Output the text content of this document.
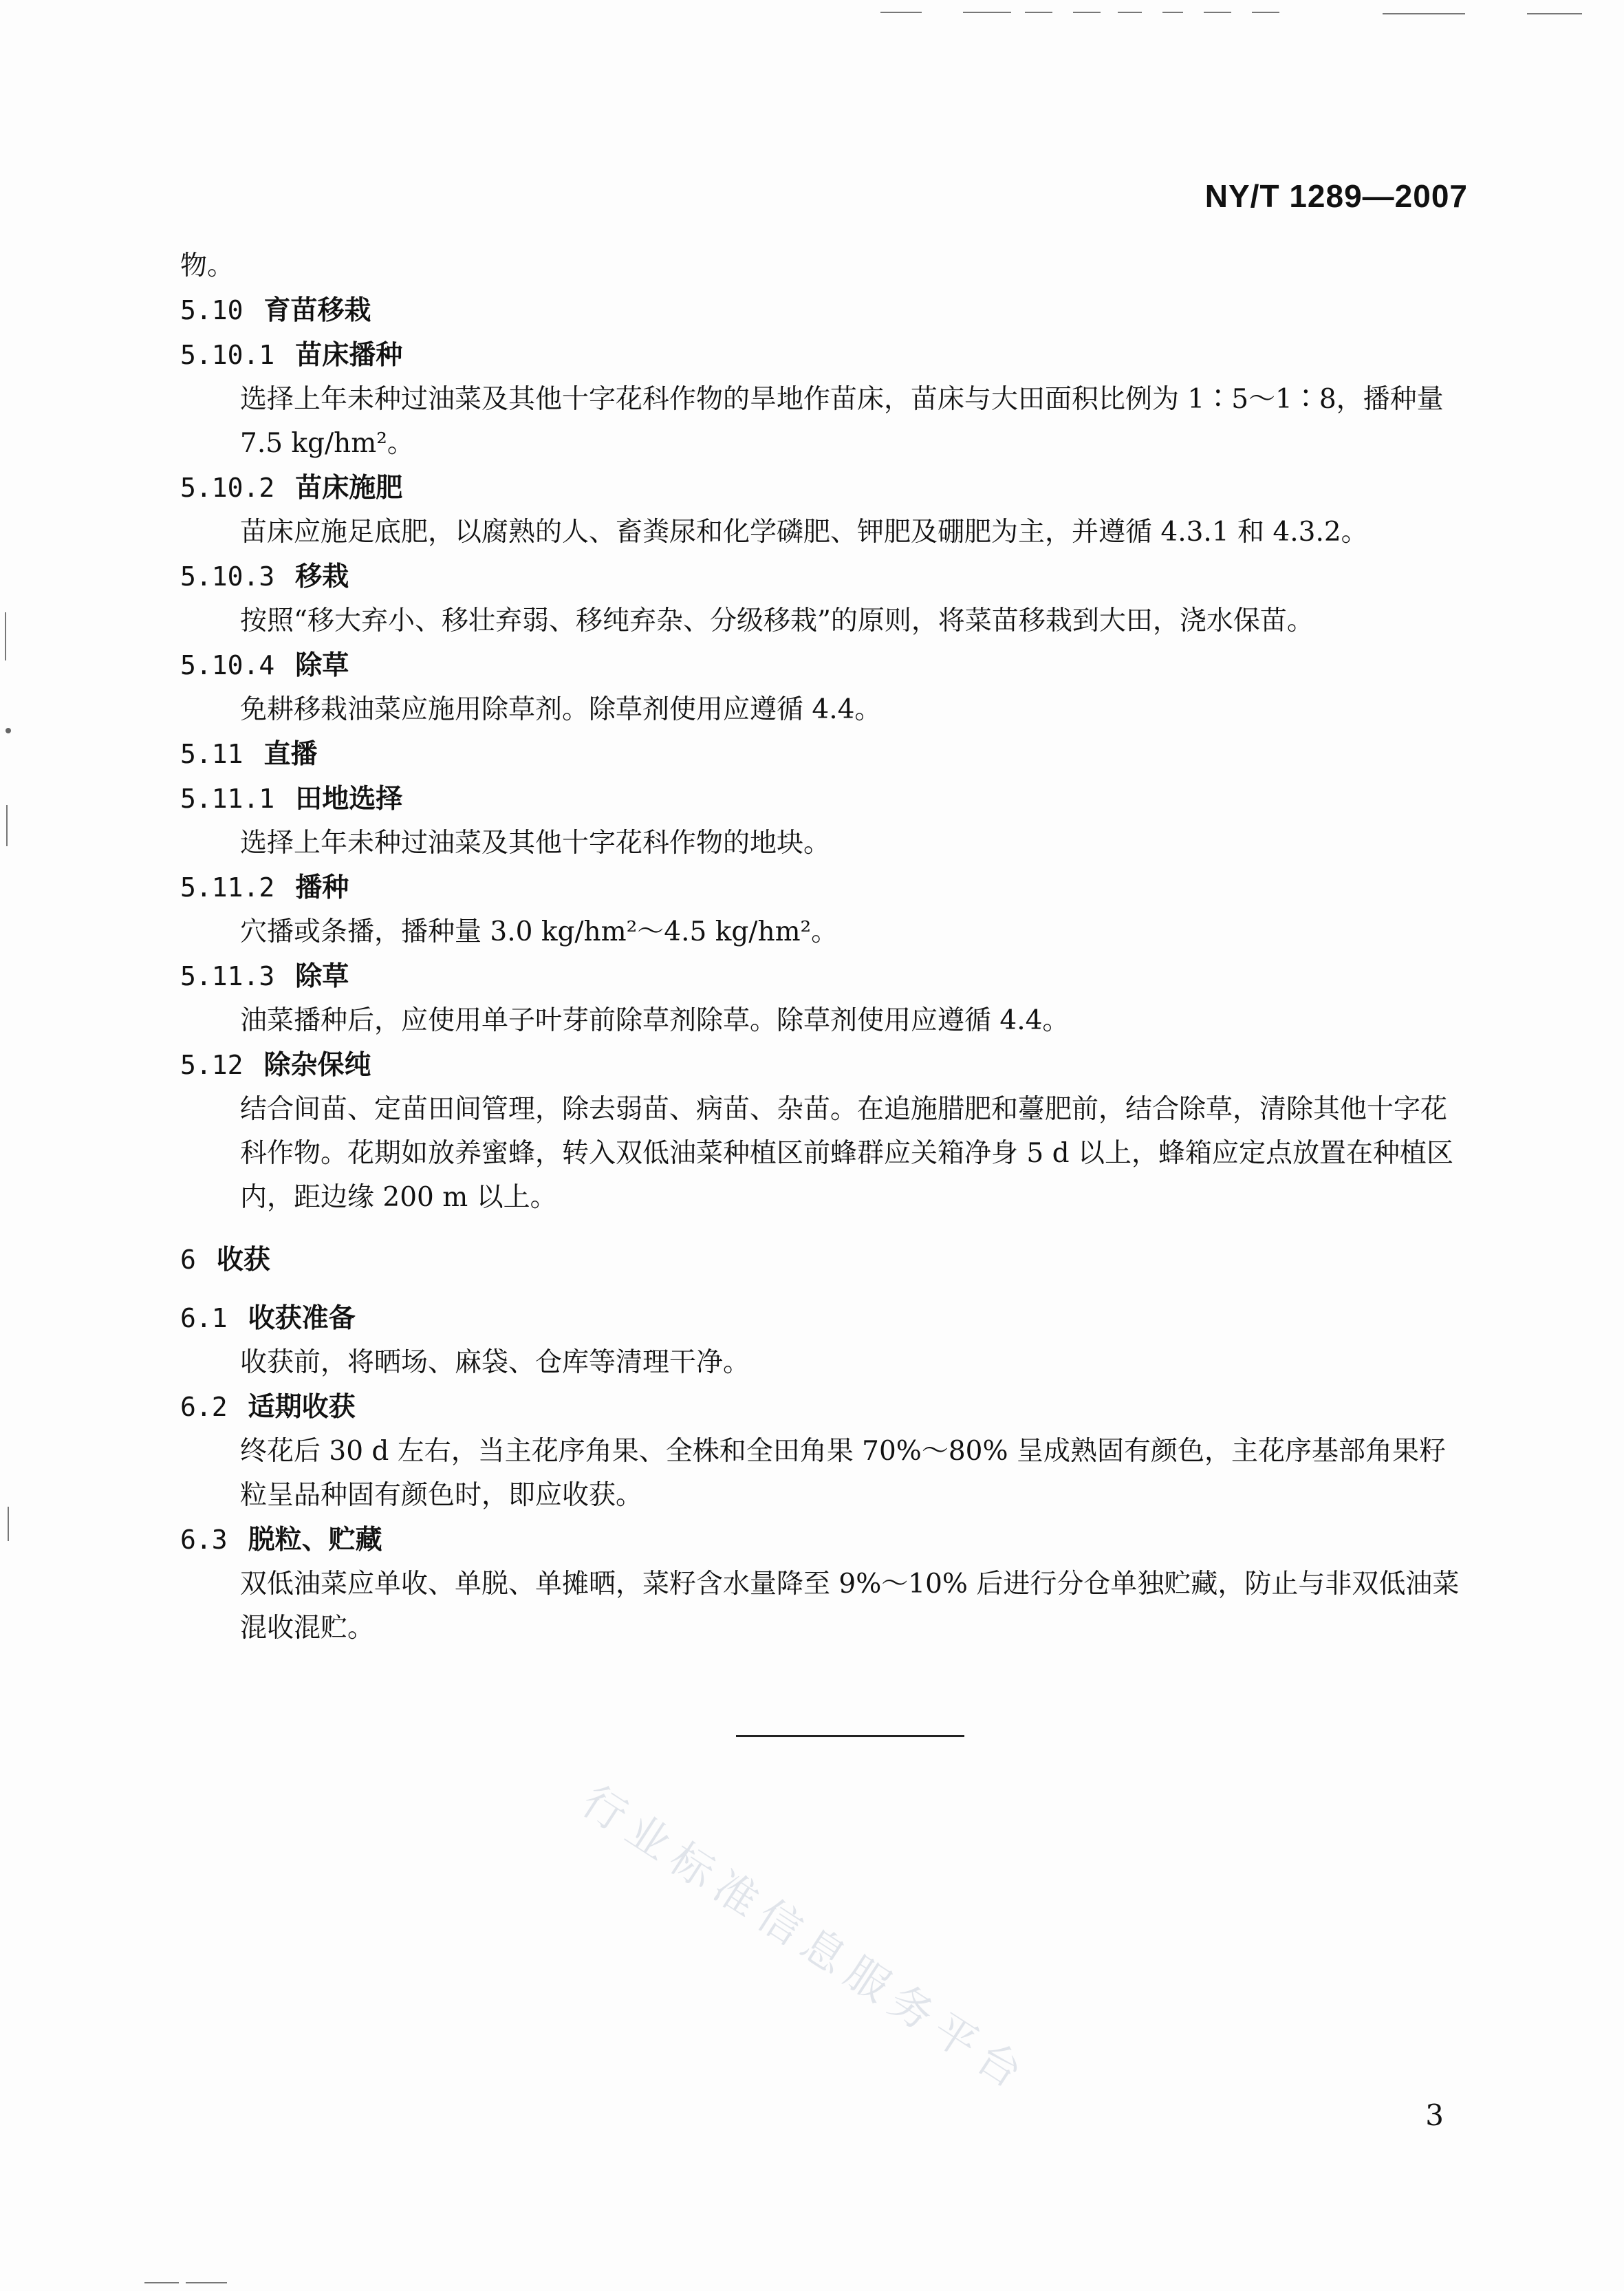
NY/T 1289—2007
物。
5.10 育苗移栽
5.10.1 苗床播种
选择上年未种过油菜及其他十字花科作物的旱地作苗床，苗床与大田面积比例为 1∶5～1∶8，播种量 7.5 kg/hm²。
5.10.2 苗床施肥
苗床应施足底肥，以腐熟的人、畜粪尿和化学磷肥、钾肥及硼肥为主，并遵循 4.3.1 和 4.3.2。
5.10.3 移栽
按照“移大弃小、移壮弃弱、移纯弃杂、分级移栽”的原则，将菜苗移栽到大田，浇水保苗。
5.10.4 除草
免耕移栽油菜应施用除草剂。除草剂使用应遵循 4.4。
5.11 直播
5.11.1 田地选择
选择上年未种过油菜及其他十字花科作物的地块。
5.11.2 播种
穴播或条播，播种量 3.0 kg/hm²～4.5 kg/hm²。
5.11.3 除草
油菜播种后，应使用单子叶芽前除草剂除草。除草剂使用应遵循 4.4。
5.12 除杂保纯
结合间苗、定苗田间管理，除去弱苗、病苗、杂苗。在追施腊肥和薹肥前，结合除草，清除其他十字花科作物。花期如放养蜜蜂，转入双低油菜种植区前蜂群应关箱净身 5 d 以上，蜂箱应定点放置在种植区内，距边缘 200 m 以上。
6 收获
6.1 收获准备
收获前，将晒场、麻袋、仓库等清理干净。
6.2 适期收获
终花后 30 d 左右，当主花序角果、全株和全田角果 70%～80% 呈成熟固有颜色，主花序基部角果籽粒呈品种固有颜色时，即应收获。
6.3 脱粒、贮藏
双低油菜应单收、单脱、单摊晒，菜籽含水量降至 9%～10% 后进行分仓单独贮藏，防止与非双低油菜混收混贮。
行业标准信息服务平台
3
